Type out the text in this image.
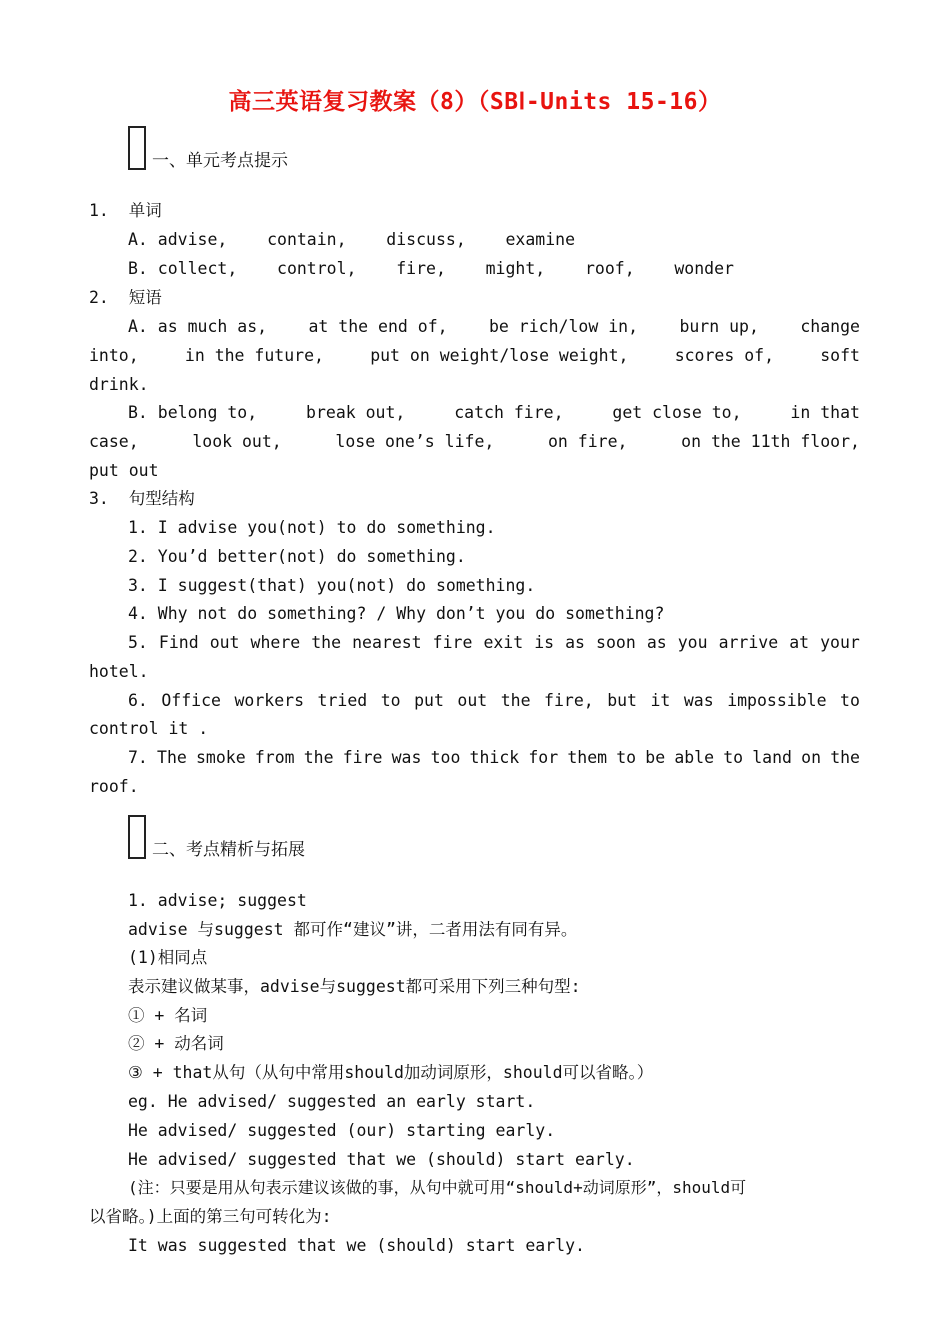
高三英语复习教案（8）（SBⅠ-Units 15-16）
一、单元考点提示
1.  单词
A. advise,    contain,    discuss,    examine
B. collect,    control,    fire,    might,    roof,    wonder
2.  短语
A. as much as,	at the end of,	be rich/low in,	burn up,	change
into,	in the future,	put on weight/lose weight,	scores of,	soft
drink.
B. belong to,	break out,	catch fire,	get close to,	in that
case,	look out,	lose one’s life,	on fire,	on the 11th floor,
put out
3.  句型结构
1. I advise you(not) to do something.
2. You’d better(not) do something.
3. I suggest(that) you(not) do something.
4. Why not do something? / Why don’t you do something?
5. Find out where the nearest fire exit is as soon as you arrive at your
hotel.
6. Office workers tried to put out the fire, but it was impossible to
control it .
7. The smoke from the fire was too thick for them to be able to land on the
roof.
二、考点精析与拓展
1. advise; suggest
advise 与suggest 都可作“建议”讲，二者用法有同有异。
(1)相同点
表示建议做某事，advise与suggest都可采用下列三种句型:
① + 名词
② + 动名词
③ + that从句（从句中常用should加动词原形，should可以省略。）
eg. He advised/ suggested an early start.
He advised/ suggested (our) starting early.
He advised/ suggested that we (should) start early.
(注：只要是用从句表示建议该做的事，从句中就可用“should+动词原形”，should可
以省略。)上面的第三句可转化为:
It was suggested that we (should) start early.
